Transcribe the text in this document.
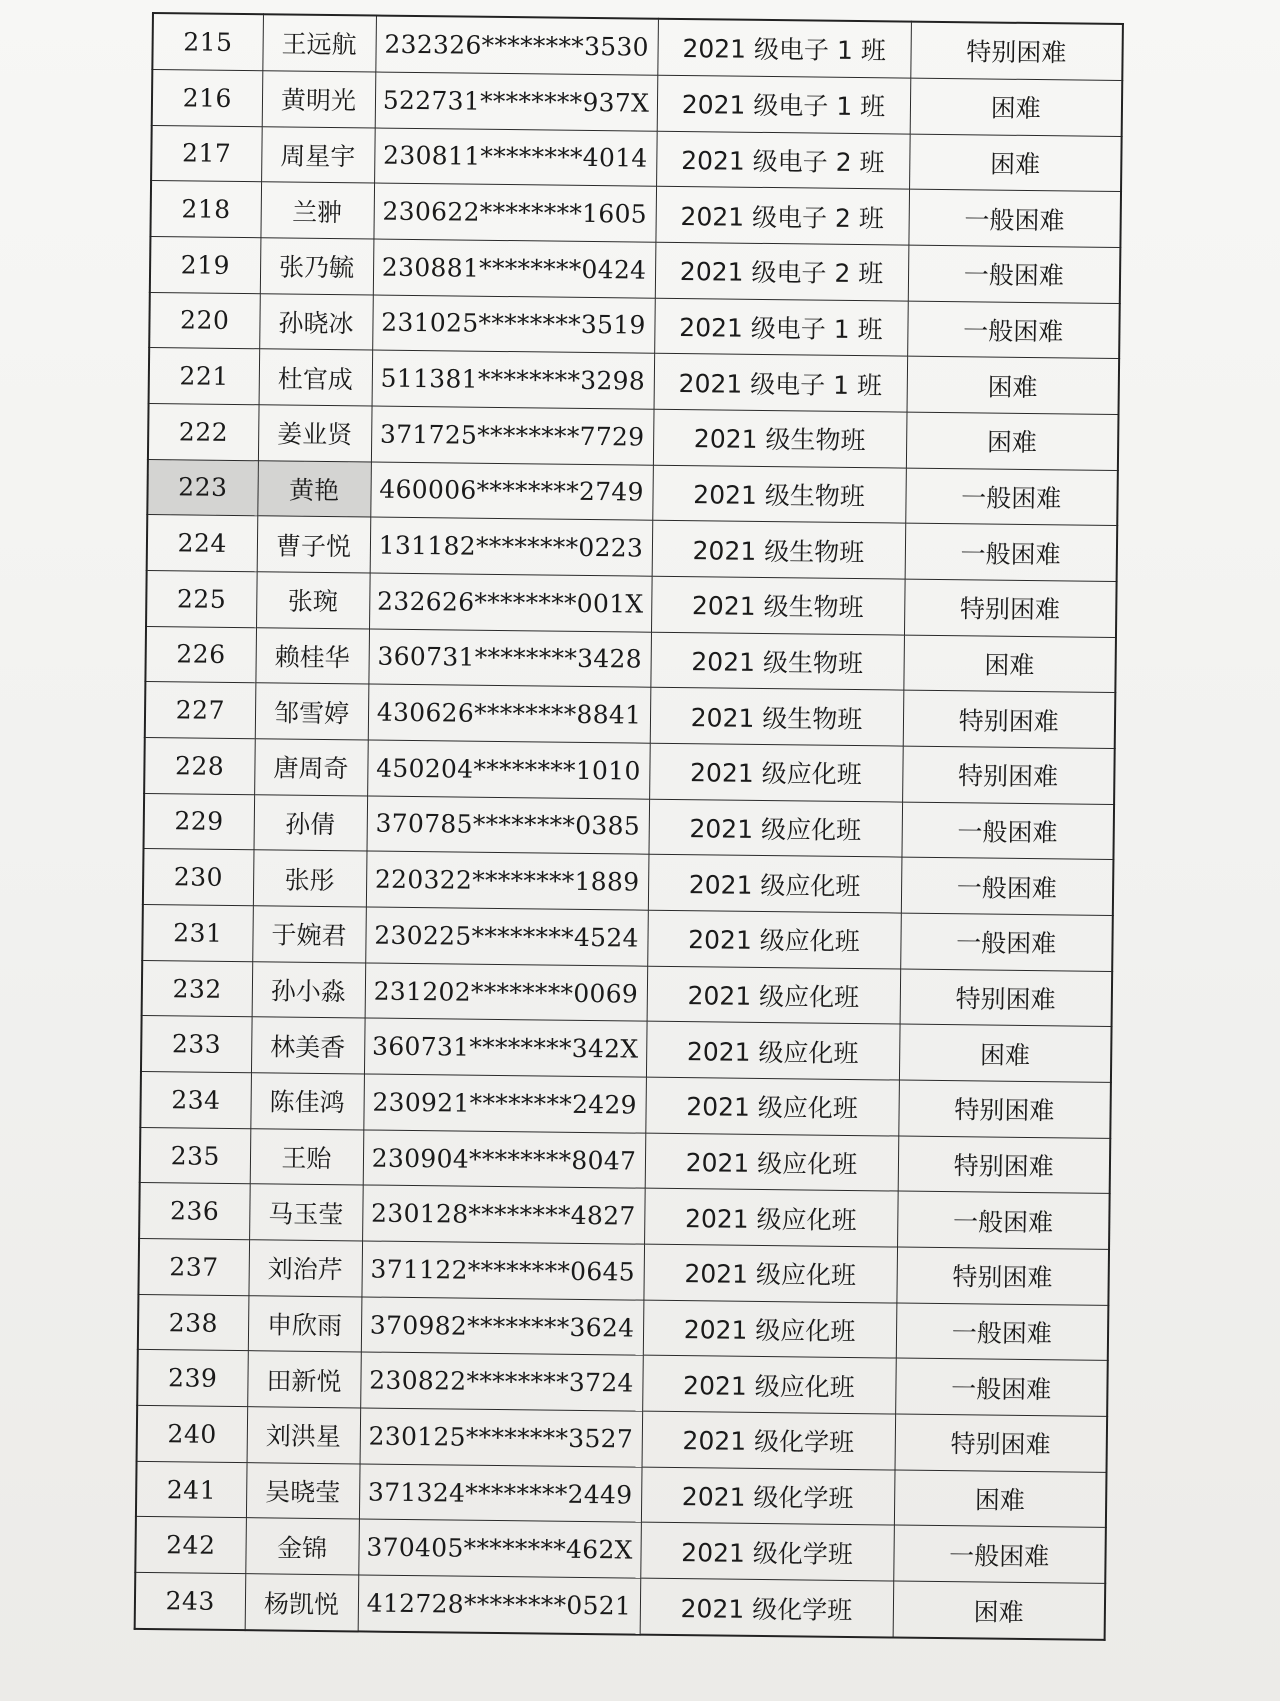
215	王远航	232326********3530	2021 级电子 1 班	特别困难
216	黄明光	522731********937X	2021 级电子 1 班	困难
217	周星宇	230811********4014	2021 级电子 2 班	困难
218	兰翀	230622********1605	2021 级电子 2 班	一般困难
219	张乃毓	230881********0424	2021 级电子 2 班	一般困难
220	孙晓冰	231025********3519	2021 级电子 1 班	一般困难
221	杜官成	511381********3298	2021 级电子 1 班	困难
222	姜业贤	371725********7729	2021 级生物班	困难
223	黄艳	460006********2749	2021 级生物班	一般困难
224	曹子悦	131182********0223	2021 级生物班	一般困难
225	张琬	232626********001X	2021 级生物班	特别困难
226	赖桂华	360731********3428	2021 级生物班	困难
227	邹雪婷	430626********8841	2021 级生物班	特别困难
228	唐周奇	450204********1010	2021 级应化班	特别困难
229	孙倩	370785********0385	2021 级应化班	一般困难
230	张彤	220322********1889	2021 级应化班	一般困难
231	于婉君	230225********4524	2021 级应化班	一般困难
232	孙小淼	231202********0069	2021 级应化班	特别困难
233	林美香	360731********342X	2021 级应化班	困难
234	陈佳鸿	230921********2429	2021 级应化班	特别困难
235	王贻	230904********8047	2021 级应化班	特别困难
236	马玉莹	230128********4827	2021 级应化班	一般困难
237	刘治芹	371122********0645	2021 级应化班	特别困难
238	申欣雨	370982********3624	2021 级应化班	一般困难
239	田新悦	230822********3724	2021 级应化班	一般困难
240	刘洪星	230125********3527	2021 级化学班	特别困难
241	吴晓莹	371324********2449	2021 级化学班	困难
242	金锦	370405********462X	2021 级化学班	一般困难
243	杨凯悦	412728********0521	2021 级化学班	困难
